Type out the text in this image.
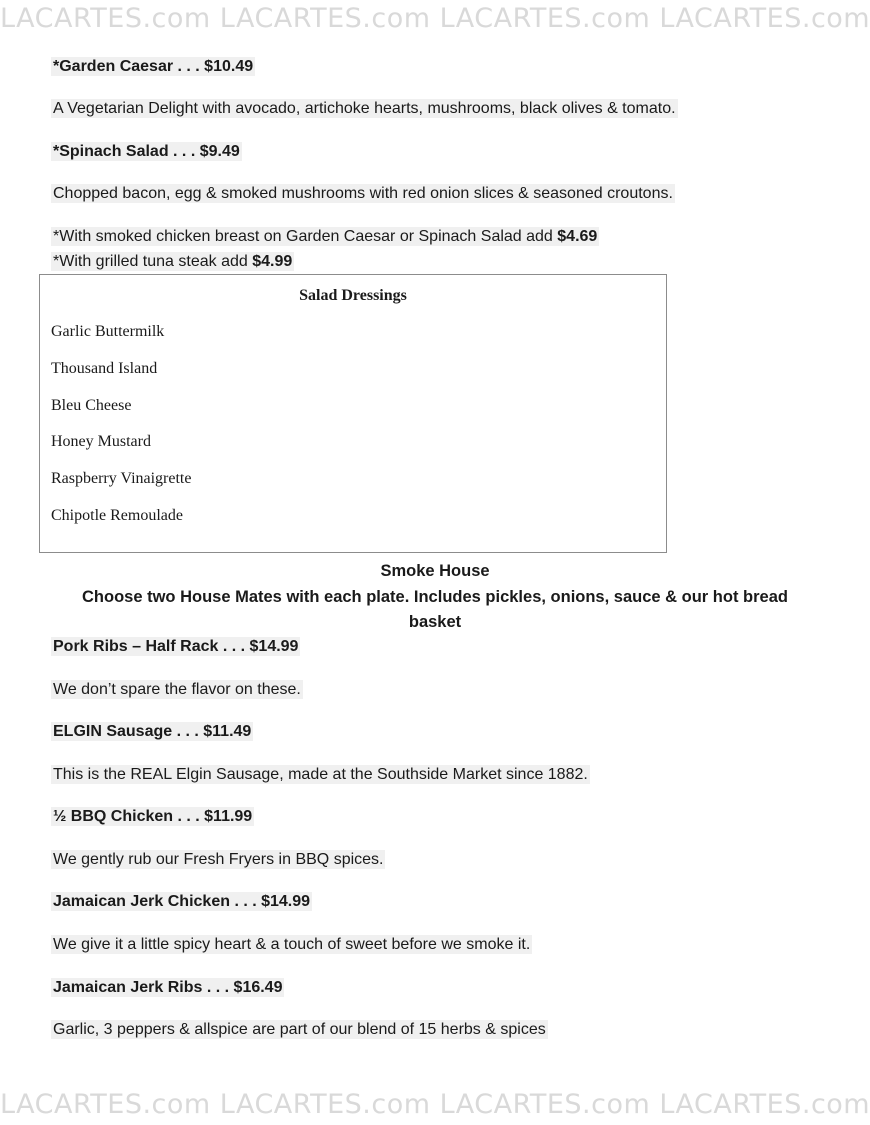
LACARTES.com LACARTES.com LACARTES.com LACARTES.com
*Garden Caesar . . . $10.49
A Vegetarian Delight with avocado, artichoke hearts, mushrooms, black olives & tomato.
*Spinach Salad . . . $9.49
Chopped bacon, egg & smoked mushrooms with red onion slices & seasoned croutons.
*With smoked chicken breast on Garden Caesar or Spinach Salad add $4.69
*With grilled tuna steak add $4.99
Salad Dressings
Garlic Buttermilk
Thousand Island
Bleu Cheese
Honey Mustard
Raspberry Vinaigrette
Chipotle Remoulade
Smoke House
Choose two House Mates with each plate. Includes pickles, onions, sauce & our hot bread
basket
Pork Ribs – Half Rack . . . $14.99
We don’t spare the flavor on these.
ELGIN Sausage . . . $11.49
This is the REAL Elgin Sausage, made at the Southside Market since 1882.
½ BBQ Chicken . . . $11.99
We gently rub our Fresh Fryers in BBQ spices.
Jamaican Jerk Chicken . . . $14.99
We give it a little spicy heart & a touch of sweet before we smoke it.
Jamaican Jerk Ribs . . . $16.49
Garlic, 3 peppers & allspice are part of our blend of 15 herbs & spices
LACARTES.com LACARTES.com LACARTES.com LACARTES.com
